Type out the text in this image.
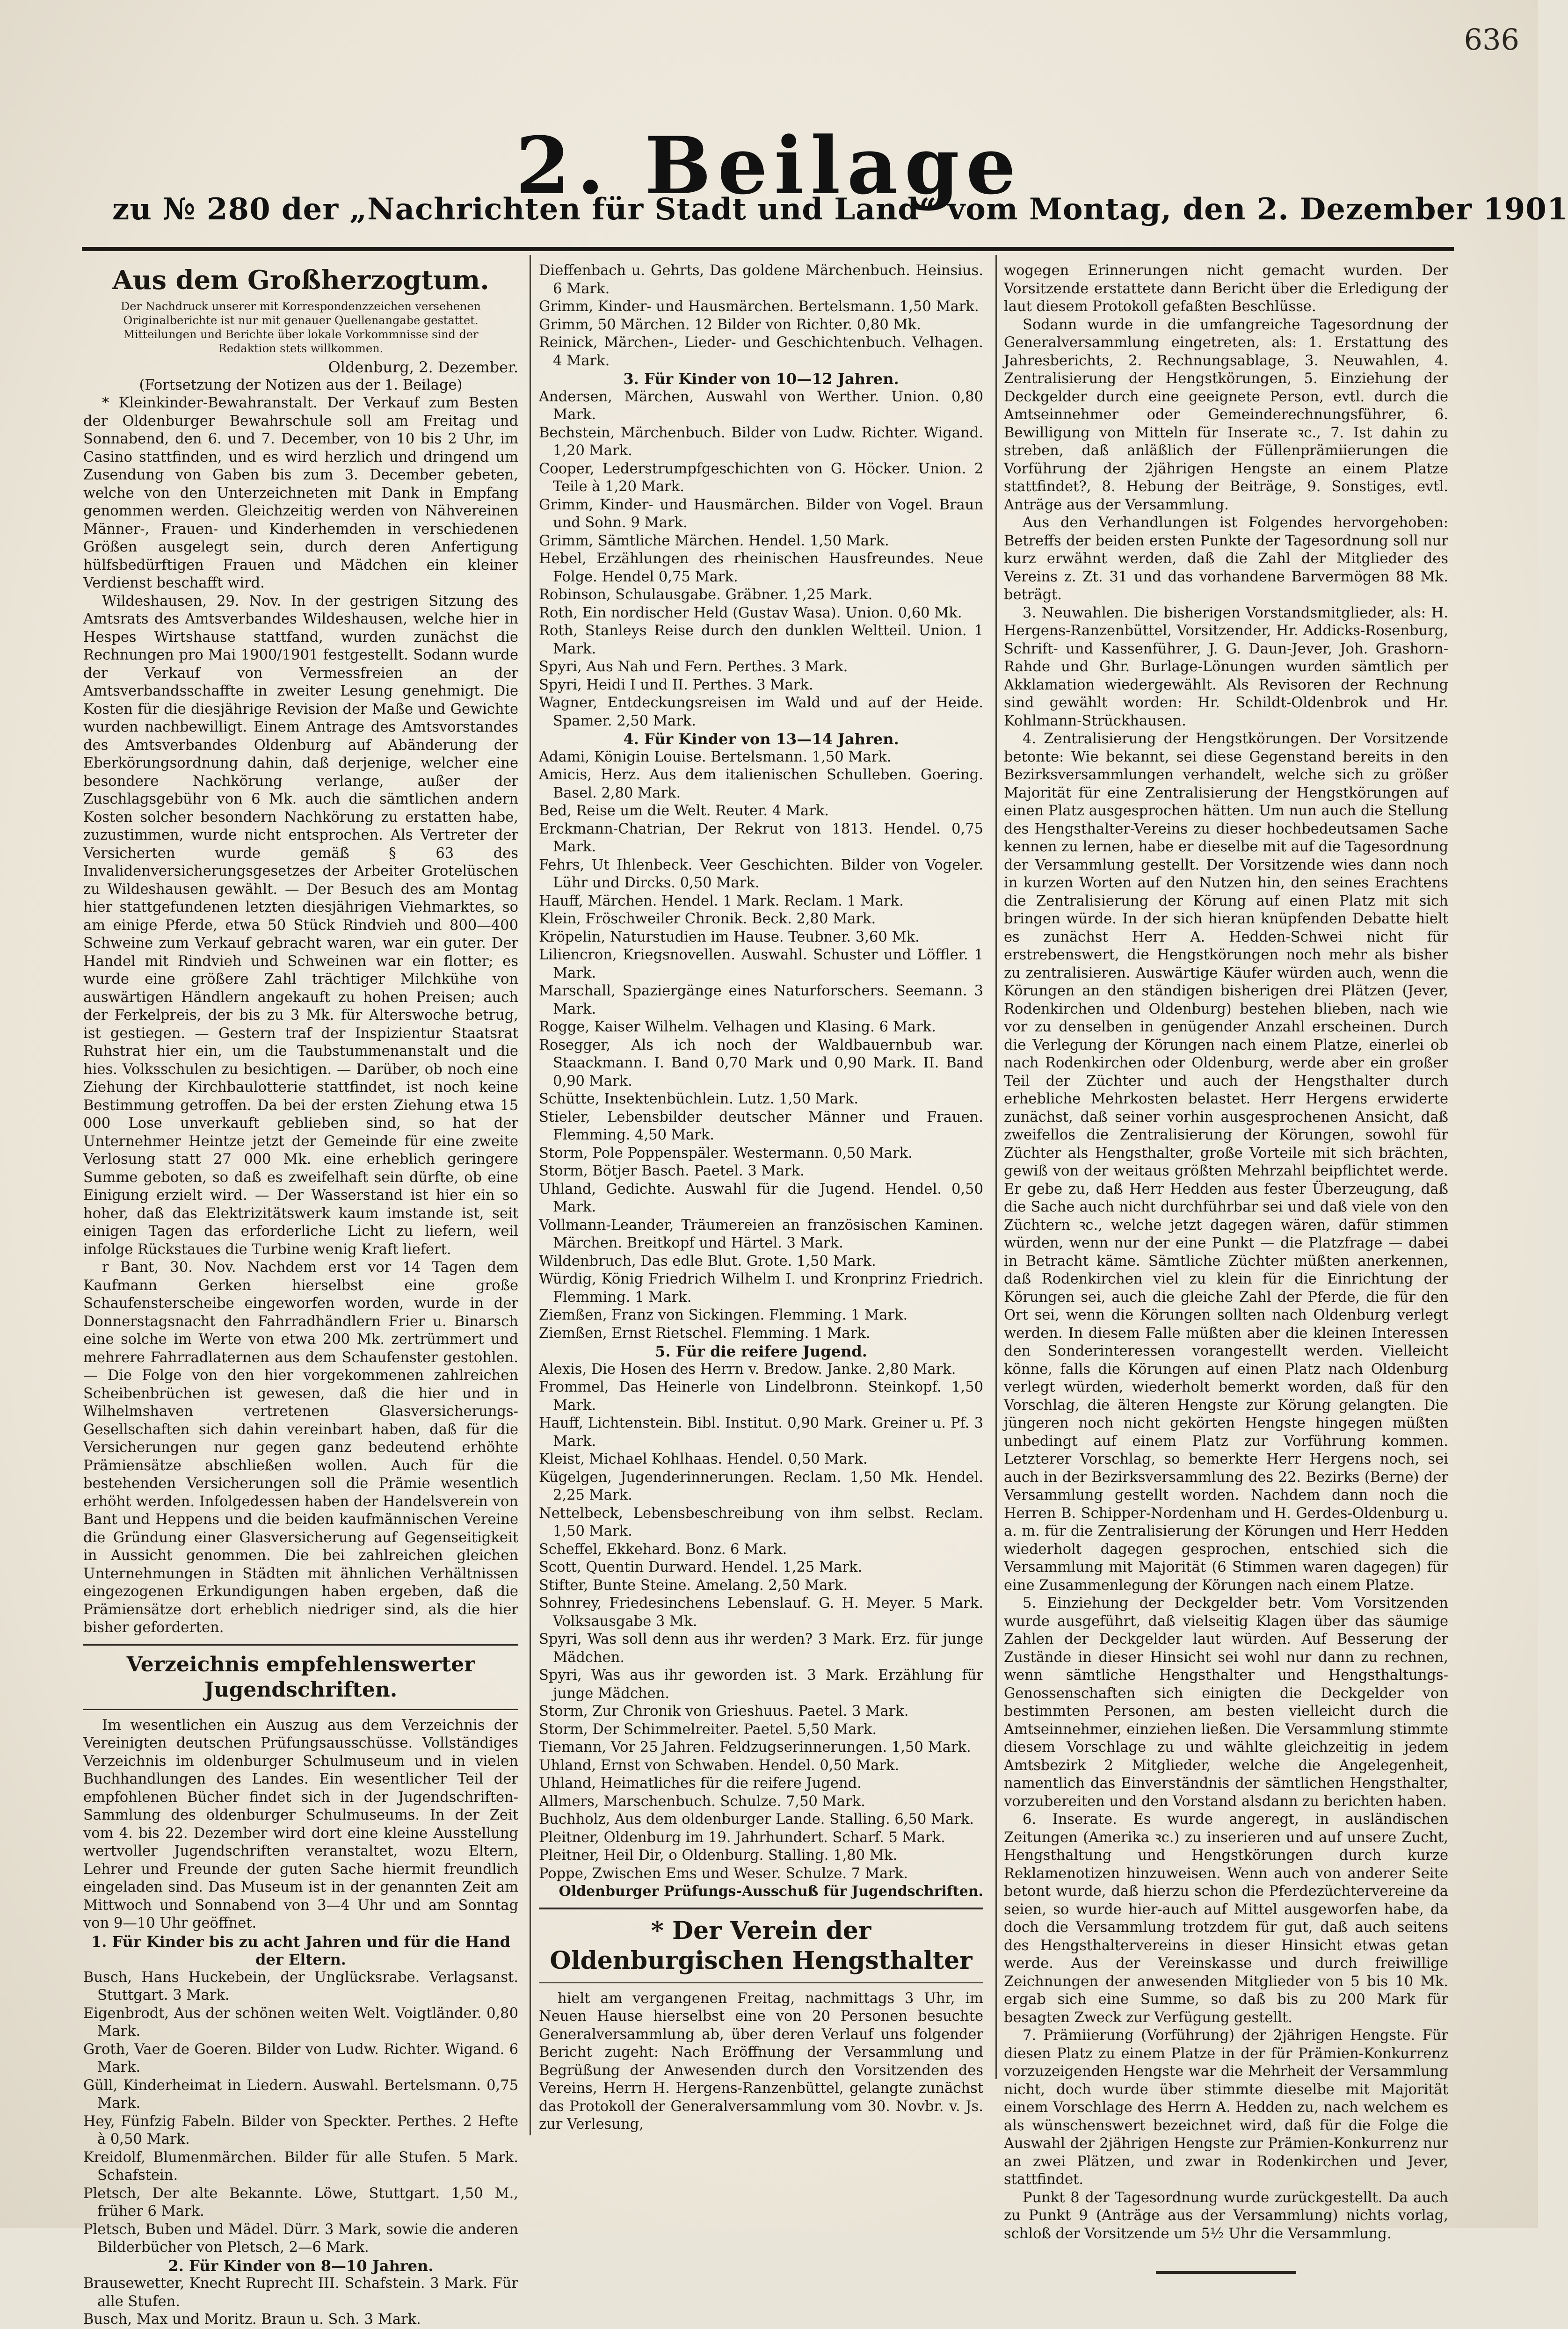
636
2. Beilage
zu № 280 der „Nachrichten für Stadt und Land“ vom Montag, den 2. Dezember 1901
Aus dem Großherzogtum.
Der Nachdruck unserer mit Korrespondenzzeichen versehenen Originalberichte ist nur mit genauer Quellenangabe gestattet. Mitteilungen und Berichte über lokale Vorkommnisse sind der Redaktion stets willkommen.

Oldenburg, 2. Dezember.

(Fortsetzung der Notizen aus der 1. Beilage)

* Kleinkinder-Bewahranstalt. Der Verkauf zum Besten der Oldenburger Bewahrschule soll am Freitag und Sonnabend, den 6. und 7. December, von 10 bis 2 Uhr, im Casino stattfinden, und es wird herzlich und dringend um Zusendung von Gaben bis zum 3. December gebeten, welche von den Unterzeichneten mit Dank in Empfang genommen werden. Gleichzeitig werden von Nähvereinen Männer-, Frauen- und Kinderhemden in verschiedenen Größen ausgelegt sein, durch deren Anfertigung hülfsbedürftigen Frauen und Mädchen ein kleiner Verdienst beschafft wird.

Wildeshausen, 29. Nov. In der gestrigen Sitzung des Amtsrats des Amtsverbandes Wildeshausen, welche hier in Hespes Wirtshause stattfand, wurden zunächst die Rechnungen pro Mai 1900/1901 festgestellt. Sodann wurde der Verkauf von Vermessfreien an der Amtsverbandsschaffte in zweiter Lesung genehmigt. Die Kosten für die diesjährige Revision der Maße und Gewichte wurden nachbewilligt. Einem Antrage des Amtsvorstandes des Amtsverbandes Oldenburg auf Abänderung der Eberkörungsordnung dahin, daß derjenige, welcher eine besondere Nachkörung verlange, außer der Zuschlagsgebühr von 6 Mk. auch die sämtlichen andern Kosten solcher besondern Nachkörung zu erstatten habe, zuzustimmen, wurde nicht entsprochen. Als Vertreter der Versicherten wurde gemäß § 63 des Invalidenversicherungsgesetzes der Arbeiter Grotelüschen zu Wildeshausen gewählt. — Der Besuch des am Montag hier stattgefundenen letzten diesjährigen Viehmarktes, so am einige Pferde, etwa 50 Stück Rindvieh und 800—400 Schweine zum Verkauf gebracht waren, war ein guter. Der Handel mit Rindvieh und Schweinen war ein flotter; es wurde eine größere Zahl trächtiger Milchkühe von auswärtigen Händlern angekauft zu hohen Preisen; auch der Ferkelpreis, der bis zu 3 Mk. für Alterswoche betrug, ist gestiegen. — Gestern traf der Inspizientur Staatsrat Ruhstrat hier ein, um die Taubstummenanstalt und die hies. Volksschulen zu besichtigen. — Darüber, ob noch eine Ziehung der Kirchbaulotterie stattfindet, ist noch keine Bestimmung getroffen. Da bei der ersten Ziehung etwa 15 000 Lose unverkauft geblieben sind, so hat der Unternehmer Heintze jetzt der Gemeinde für eine zweite Verlosung statt 27 000 Mk. eine erheblich geringere Summe geboten, so daß es zweifelhaft sein dürfte, ob eine Einigung erzielt wird. — Der Wasserstand ist hier ein so hoher, daß das Elektrizitätswerk kaum imstande ist, seit einigen Tagen das erforderliche Licht zu liefern, weil infolge Rückstaues die Turbine wenig Kraft liefert.

r Bant, 30. Nov. Nachdem erst vor 14 Tagen dem Kaufmann Gerken hierselbst eine große Schaufensterscheibe eingeworfen worden, wurde in der Donnerstagsnacht den Fahrradhändlern Frier u. Binarsch eine solche im Werte von etwa 200 Mk. zertrümmert und mehrere Fahrradlaternen aus dem Schaufenster gestohlen. — Die Folge von den hier vorgekommenen zahlreichen Scheibenbrüchen ist gewesen, daß die hier und in Wilhelmshaven vertretenen Glasversicherungs-Gesellschaften sich dahin vereinbart haben, daß für die Versicherungen nur gegen ganz bedeutend erhöhte Prämiensätze abschließen wollen. Auch für die bestehenden Versicherungen soll die Prämie wesentlich erhöht werden. Infolgedessen haben der Handelsverein von Bant und Heppens und die beiden kaufmännischen Vereine die Gründung einer Glasversicherung auf Gegenseitigkeit in Aussicht genommen. Die bei zahlreichen gleichen Unternehmungen in Städten mit ähnlichen Verhältnissen eingezogenen Erkundigungen haben ergeben, daß die Prämiensätze dort erheblich niedriger sind, als die hier bisher geforderten.

Verzeichnis empfehlenswerter Jugendschriften.

Im wesentlichen ein Auszug aus dem Verzeichnis der Vereinigten deutschen Prüfungsausschüsse. Vollständiges Verzeichnis im oldenburger Schulmuseum und in vielen Buchhandlungen des Landes. Ein wesentlicher Teil der empfohlenen Bücher findet sich in der Jugendschriften-Sammlung des oldenburger Schulmuseums. In der Zeit vom 4. bis 22. Dezember wird dort eine kleine Ausstellung wertvoller Jugendschriften veranstaltet, wozu Eltern, Lehrer und Freunde der guten Sache hiermit freundlich eingeladen sind. Das Museum ist in der genannten Zeit am Mittwoch und Sonnabend von 3—4 Uhr und am Sonntag von 9—10 Uhr geöffnet.

1. Für Kinder bis zu acht Jahren und für die Hand der Eltern.

Busch, Hans Huckebein, der Unglücksrabe. Verlagsanst. Stuttgart. 3 Mark.

Eigenbrodt, Aus der schönen weiten Welt. Voigtländer. 0,80 Mark.

Groth, Vaer de Goeren. Bilder von Ludw. Richter. Wigand. 6 Mark.

Güll, Kinderheimat in Liedern. Auswahl. Bertelsmann. 0,75 Mark.

Hey, Fünfzig Fabeln. Bilder von Speckter. Perthes. 2 Hefte à 0,50 Mark.

Kreidolf, Blumenmärchen. Bilder für alle Stufen. 5 Mark. Schafstein.

Pletsch, Der alte Bekannte. Löwe, Stuttgart. 1,50 M., früher 6 Mark.

Pletsch, Buben und Mädel. Dürr. 3 Mark, sowie die anderen Bilderbücher von Pletsch, 2—6 Mark.

2. Für Kinder von 8—10 Jahren.

Brausewetter, Knecht Ruprecht III. Schafstein. 3 Mark. Für alle Stufen.

Busch, Max und Moritz. Braun u. Sch. 3 Mark.

Dieffenbach u. Gehrts, Das goldene Märchenbuch. Heinsius. 6 Mark.

Grimm, Kinder- und Hausmärchen. Bertelsmann. 1,50 Mark.

Grimm, 50 Märchen. 12 Bilder von Richter. 0,80 Mk.

Reinick, Märchen-, Lieder- und Geschichtenbuch. Velhagen. 4 Mark.

3. Für Kinder von 10—12 Jahren.

Andersen, Märchen, Auswahl von Werther. Union. 0,80 Mark.

Bechstein, Märchenbuch. Bilder von Ludw. Richter. Wigand. 1,20 Mark.

Cooper, Lederstrumpfgeschichten von G. Höcker. Union. 2 Teile à 1,20 Mark.

Grimm, Kinder- und Hausmärchen. Bilder von Vogel. Braun und Sohn. 9 Mark.

Grimm, Sämtliche Märchen. Hendel. 1,50 Mark.

Hebel, Erzählungen des rheinischen Hausfreundes. Neue Folge. Hendel 0,75 Mark.

Robinson, Schulausgabe. Gräbner. 1,25 Mark.

Roth, Ein nordischer Held (Gustav Wasa). Union. 0,60 Mk.

Roth, Stanleys Reise durch den dunklen Weltteil. Union. 1 Mark.

Spyri, Aus Nah und Fern. Perthes. 3 Mark.

Spyri, Heidi I und II. Perthes. 3 Mark.

Wagner, Entdeckungsreisen im Wald und auf der Heide. Spamer. 2,50 Mark.

4. Für Kinder von 13—14 Jahren.

Adami, Königin Louise. Bertelsmann. 1,50 Mark.

Amicis, Herz. Aus dem italienischen Schulleben. Goering. Basel. 2,80 Mark.

Bed, Reise um die Welt. Reuter. 4 Mark.

Erckmann-Chatrian, Der Rekrut von 1813. Hendel. 0,75 Mark.

Fehrs, Ut Ihlenbeck. Veer Geschichten. Bilder von Vogeler. Lühr und Dircks. 0,50 Mark.

Hauff, Märchen. Hendel. 1 Mark. Reclam. 1 Mark.

Klein, Fröschweiler Chronik. Beck. 2,80 Mark.

Kröpelin, Naturstudien im Hause. Teubner. 3,60 Mk.

Liliencron, Kriegsnovellen. Auswahl. Schuster und Löffler. 1 Mark.

Marschall, Spaziergänge eines Naturforschers. Seemann. 3 Mark.

Rogge, Kaiser Wilhelm. Velhagen und Klasing. 6 Mark.

Rosegger, Als ich noch der Waldbauernbub war. Staackmann. I. Band 0,70 Mark und 0,90 Mark. II. Band 0,90 Mark.

Schütte, Insektenbüchlein. Lutz. 1,50 Mark.

Stieler, Lebensbilder deutscher Männer und Frauen. Flemming. 4,50 Mark.

Storm, Pole Poppenspäler. Westermann. 0,50 Mark.

Storm, Bötjer Basch. Paetel. 3 Mark.

Uhland, Gedichte. Auswahl für die Jugend. Hendel. 0,50 Mark.

Vollmann-Leander, Träumereien an französischen Kaminen. Märchen. Breitkopf und Härtel. 3 Mark.

Wildenbruch, Das edle Blut. Grote. 1,50 Mark.

Würdig, König Friedrich Wilhelm I. und Kronprinz Friedrich. Flemming. 1 Mark.

Ziemßen, Franz von Sickingen. Flemming. 1 Mark.

Ziemßen, Ernst Rietschel. Flemming. 1 Mark.

5. Für die reifere Jugend.

Alexis, Die Hosen des Herrn v. Bredow. Janke. 2,80 Mark.

Frommel, Das Heinerle von Lindelbronn. Steinkopf. 1,50 Mark.

Hauff, Lichtenstein. Bibl. Institut. 0,90 Mark. Greiner u. Pf. 3 Mark.

Kleist, Michael Kohlhaas. Hendel. 0,50 Mark.

Kügelgen, Jugenderinnerungen. Reclam. 1,50 Mk. Hendel. 2,25 Mark.

Nettelbeck, Lebensbeschreibung von ihm selbst. Reclam. 1,50 Mark.

Scheffel, Ekkehard. Bonz. 6 Mark.

Scott, Quentin Durward. Hendel. 1,25 Mark.

Stifter, Bunte Steine. Amelang. 2,50 Mark.

Sohnrey, Friedesinchens Lebenslauf. G. H. Meyer. 5 Mark. Volksausgabe 3 Mk.

Spyri, Was soll denn aus ihr werden? 3 Mark. Erz. für junge Mädchen.

Spyri, Was aus ihr geworden ist. 3 Mark. Erzählung für junge Mädchen.

Storm, Zur Chronik von Grieshuus. Paetel. 3 Mark.

Storm, Der Schimmelreiter. Paetel. 5,50 Mark.

Tiemann, Vor 25 Jahren. Feldzugserinnerungen. 1,50 Mark.

Uhland, Ernst von Schwaben. Hendel. 0,50 Mark.

Uhland, Heimatliches für die reifere Jugend.

Allmers, Marschenbuch. Schulze. 7,50 Mark.

Buchholz, Aus dem oldenburger Lande. Stalling. 6,50 Mark.

Pleitner, Oldenburg im 19. Jahrhundert. Scharf. 5 Mark.

Pleitner, Heil Dir, o Oldenburg. Stalling. 1,80 Mk.

Poppe, Zwischen Ems und Weser. Schulze. 7 Mark.

Oldenburger Prüfungs-Ausschuß für Jugendschriften.

* Der Verein der Oldenburgischen Hengsthalter

hielt am vergangenen Freitag, nachmittags 3 Uhr, im Neuen Hause hierselbst eine von 20 Personen besuchte Generalversammlung ab, über deren Verlauf uns folgender Bericht zugeht: Nach Eröffnung der Versammlung und Begrüßung der Anwesenden durch den Vorsitzenden des Vereins, Herrn H. Hergens-Ranzenbüttel, gelangte zunächst das Protokoll der Generalversammlung vom 30. Novbr. v. Js. zur Verlesung,

wogegen Erinnerungen nicht gemacht wurden. Der Vorsitzende erstattete dann Bericht über die Erledigung der laut diesem Protokoll gefaßten Beschlüsse.

Sodann wurde in die umfangreiche Tagesordnung der Generalversammlung eingetreten, als: 1. Erstattung des Jahresberichts, 2. Rechnungsablage, 3. Neuwahlen, 4. Zentralisierung der Hengstkörungen, 5. Einziehung der Deckgelder durch eine geeignete Person, evtl. durch die Amtseinnehmer oder Gemeinderechnungsführer, 6. Bewilligung von Mitteln für Inserate ꝛc., 7. Ist dahin zu streben, daß anläßlich der Füllenprämiierungen die Vorführung der 2jährigen Hengste an einem Platze stattfindet?, 8. Hebung der Beiträge, 9. Sonstiges, evtl. Anträge aus der Versammlung.

Aus den Verhandlungen ist Folgendes hervorgehoben: Betreffs der beiden ersten Punkte der Tagesordnung soll nur kurz erwähnt werden, daß die Zahl der Mitglieder des Vereins z. Zt. 31 und das vorhandene Barvermögen 88 Mk. beträgt.

3. Neuwahlen. Die bisherigen Vorstandsmitglieder, als: H. Hergens-Ranzenbüttel, Vorsitzender, Hr. Addicks-Rosenburg, Schrift- und Kassenführer, J. G. Daun-Jever, Joh. Grashorn-Rahde und Ghr. Burlage-Lönungen wurden sämtlich per Akklamation wiedergewählt. Als Revisoren der Rechnung sind gewählt worden: Hr. Schildt-Oldenbrok und Hr. Kohlmann-Strückhausen.

4. Zentralisierung der Hengstkörungen. Der Vorsitzende betonte: Wie bekannt, sei diese Gegenstand bereits in den Bezirksversammlungen verhandelt, welche sich zu größer Majorität für eine Zentralisierung der Hengstkörungen auf einen Platz ausgesprochen hätten. Um nun auch die Stellung des Hengsthalter-Vereins zu dieser hochbedeutsamen Sache kennen zu lernen, habe er dieselbe mit auf die Tagesordnung der Versammlung gestellt. Der Vorsitzende wies dann noch in kurzen Worten auf den Nutzen hin, den seines Erachtens die Zentralisierung der Körung auf einen Platz mit sich bringen würde. In der sich hieran knüpfenden Debatte hielt es zunächst Herr A. Hedden-Schwei nicht für erstrebenswert, die Hengstkörungen noch mehr als bisher zu zentralisieren. Auswärtige Käufer würden auch, wenn die Körungen an den ständigen bisherigen drei Plätzen (Jever, Rodenkirchen und Oldenburg) bestehen blieben, nach wie vor zu denselben in genügender Anzahl erscheinen. Durch die Verlegung der Körungen nach einem Platze, einerlei ob nach Rodenkirchen oder Oldenburg, werde aber ein großer Teil der Züchter und auch der Hengsthalter durch erhebliche Mehrkosten belastet. Herr Hergens erwiderte zunächst, daß seiner vorhin ausgesprochenen Ansicht, daß zweifellos die Zentralisierung der Körungen, sowohl für Züchter als Hengsthalter, große Vorteile mit sich brächten, gewiß von der weitaus größten Mehrzahl beipflichtet werde. Er gebe zu, daß Herr Hedden aus fester Überzeugung, daß die Sache auch nicht durchführbar sei und daß viele von den Züchtern ꝛc., welche jetzt dagegen wären, dafür stimmen würden, wenn nur der eine Punkt — die Platzfrage — dabei in Betracht käme. Sämtliche Züchter müßten anerkennen, daß Rodenkirchen viel zu klein für die Einrichtung der Körungen sei, auch die gleiche Zahl der Pferde, die für den Ort sei, wenn die Körungen sollten nach Oldenburg verlegt werden. In diesem Falle müßten aber die kleinen Interessen den Sonderinteressen vorangestellt werden. Vielleicht könne, falls die Körungen auf einen Platz nach Oldenburg verlegt würden, wiederholt bemerkt worden, daß für den Vorschlag, die älteren Hengste zur Körung gelangten. Die jüngeren noch nicht gekörten Hengste hingegen müßten unbedingt auf einem Platz zur Vorführung kommen. Letzterer Vorschlag, so bemerkte Herr Hergens noch, sei auch in der Bezirksversammlung des 22. Bezirks (Berne) der Versammlung gestellt worden. Nachdem dann noch die Herren B. Schipper-Nordenham und H. Gerdes-Oldenburg u. a. m. für die Zentralisierung der Körungen und Herr Hedden wiederholt dagegen gesprochen, entschied sich die Versammlung mit Majorität (6 Stimmen waren dagegen) für eine Zusammenlegung der Körungen nach einem Platze.

5. Einziehung der Deckgelder betr. Vom Vorsitzenden wurde ausgeführt, daß vielseitig Klagen über das säumige Zahlen der Deckgelder laut würden. Auf Besserung der Zustände in dieser Hinsicht sei wohl nur dann zu rechnen, wenn sämtliche Hengsthalter und Hengsthaltungs-Genossenschaften sich einigten die Deckgelder von bestimmten Personen, am besten vielleicht durch die Amtseinnehmer, einziehen ließen. Die Versammlung stimmte diesem Vorschlage zu und wählte gleichzeitig in jedem Amtsbezirk 2 Mitglieder, welche die Angelegenheit, namentlich das Einverständnis der sämtlichen Hengsthalter, vorzubereiten und den Vorstand alsdann zu berichten haben.

6. Inserate. Es wurde angeregt, in ausländischen Zeitungen (Amerika ꝛc.) zu inserieren und auf unsere Zucht, Hengsthaltung und Hengstkörungen durch kurze Reklamenotizen hinzuweisen. Wenn auch von anderer Seite betont wurde, daß hierzu schon die Pferdezüchtervereine da seien, so wurde hier-auch auf Mittel ausgeworfen habe, da doch die Versammlung trotzdem für gut, daß auch seitens des Hengsthaltervereins in dieser Hinsicht etwas getan werde. Aus der Vereinskasse und durch freiwillige Zeichnungen der anwesenden Mitglieder von 5 bis 10 Mk. ergab sich eine Summe, so daß bis zu 200 Mark für besagten Zweck zur Verfügung gestellt.

7. Prämiierung (Vorführung) der 2jährigen Hengste. Für diesen Platz zu einem Platze in der für Prämien-Konkurrenz vorzuzeigenden Hengste war die Mehrheit der Versammlung nicht, doch wurde über stimmte dieselbe mit Majorität einem Vorschlage des Herrn A. Hedden zu, nach welchem es als wünschenswert bezeichnet wird, daß für die Folge die Auswahl der 2jährigen Hengste zur Prämien-Konkurrenz nur an zwei Plätzen, und zwar in Rodenkirchen und Jever, stattfindet.

Punkt 8 der Tagesordnung wurde zurückgestellt. Da auch zu Punkt 9 (Anträge aus der Versammlung) nichts vorlag, schloß der Vorsitzende um 5½ Uhr die Versammlung.
